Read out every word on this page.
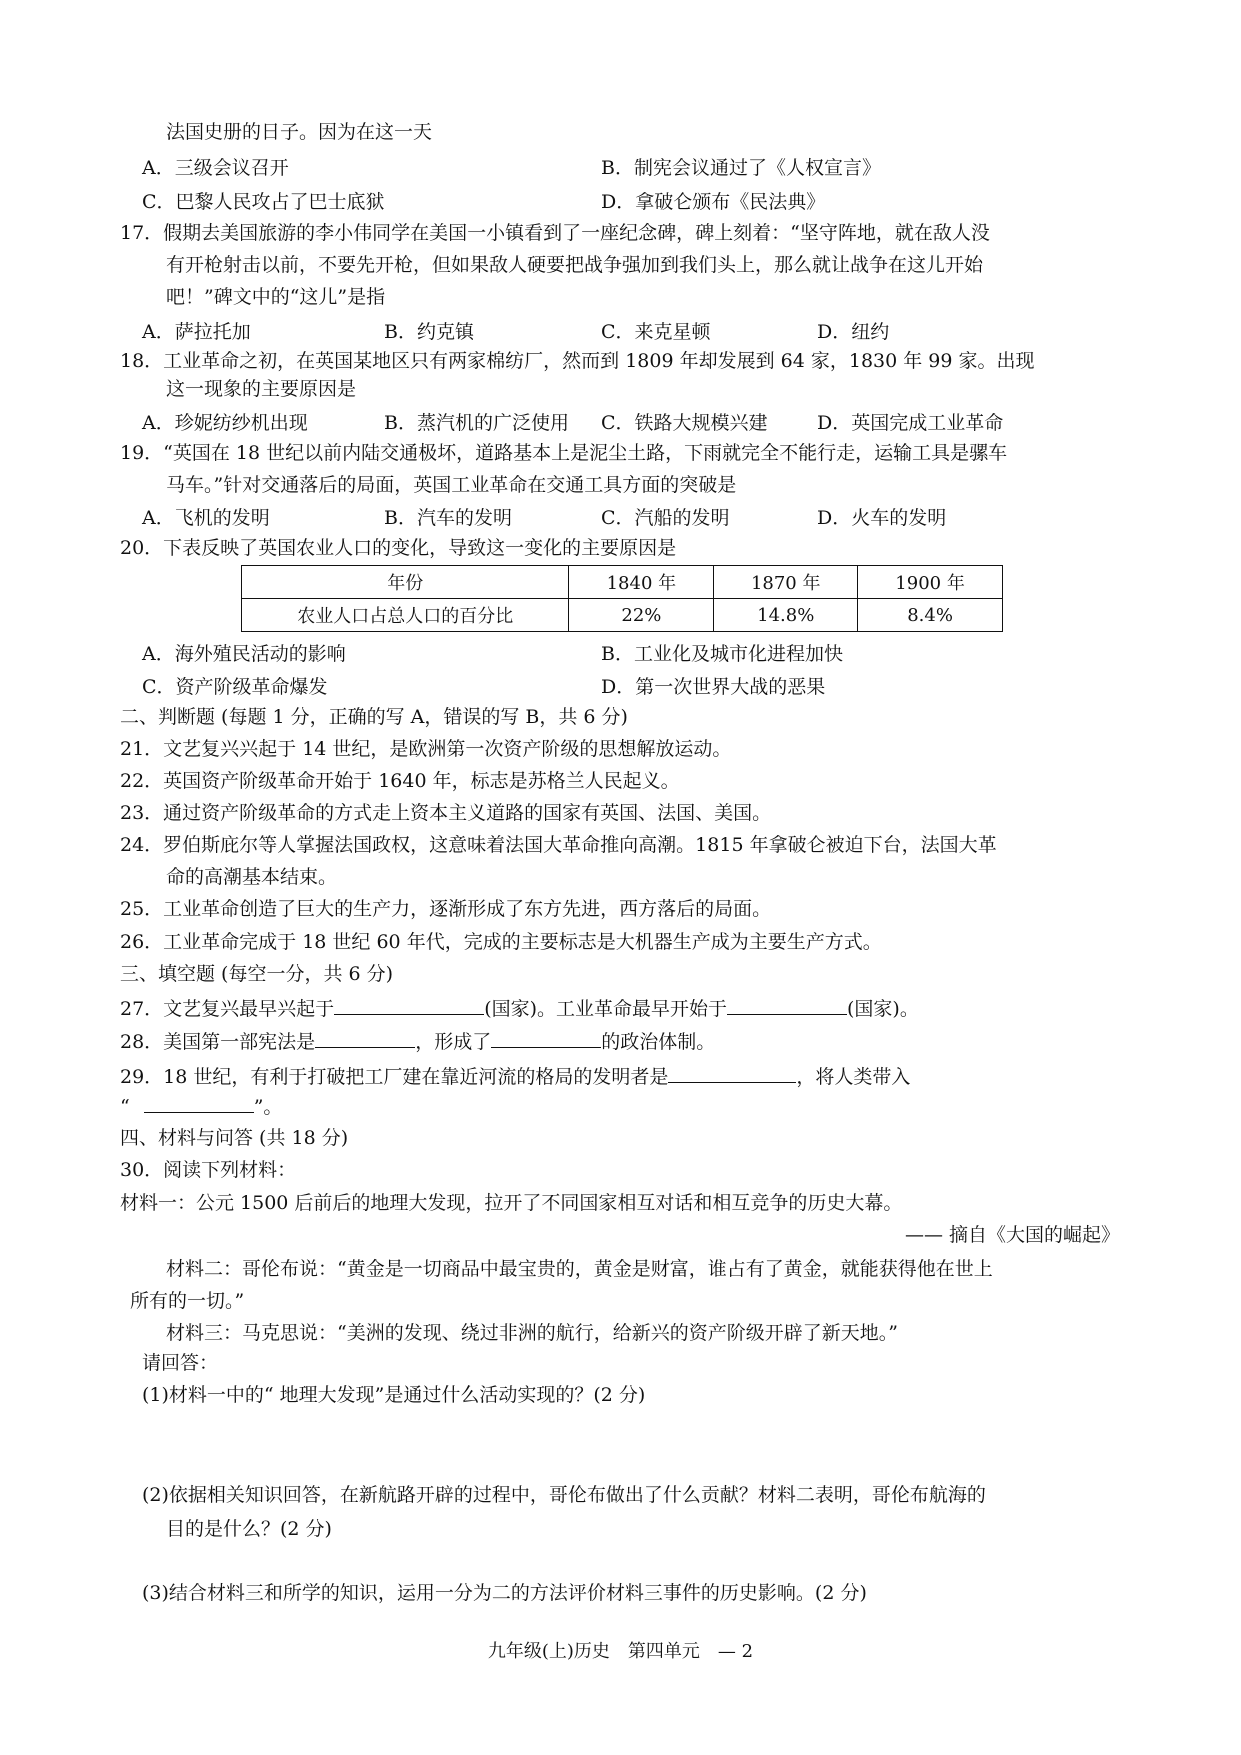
法国史册的日子。因为在这一天
A．三级会议召开	B．制宪会议通过了《人权宣言》
C．巴黎人民攻占了巴士底狱	D．拿破仑颁布《民法典》
17．假期去美国旅游的李小伟同学在美国一小镇看到了一座纪念碑，碑上刻着：“坚守阵地，就在敌人没
有开枪射击以前，不要先开枪，但如果敌人硬要把战争强加到我们头上，那么就让战争在这儿开始
吧！”碑文中的“这儿”是指
A．萨拉托加	B．约克镇	C．来克星顿	D．纽约
18．工业革命之初，在英国某地区只有两家棉纺厂，然而到 1809 年却发展到 64 家，1830 年 99 家。出现
这一现象的主要原因是
A．珍妮纺纱机出现	B．蒸汽机的广泛使用 C．铁路大规模兴建	D．英国完成工业革命
19．“英国在 18 世纪以前内陆交通极坏，道路基本上是泥尘土路，下雨就完全不能行走，运输工具是骡车
马车。”针对交通落后的局面，英国工业革命在交通工具方面的突破是
A．飞机的发明	B．汽车的发明	C．汽船的发明	D．火车的发明
20．下表反映了英国农业人口的变化，导致这一变化的主要原因是
年份	1840 年	1870 年	1900 年
农业人口占总人口的百分比	22%	14.8%	8.4%
A．海外殖民活动的影响	B．工业化及城市化进程加快
C．资产阶级革命爆发	D．第一次世界大战的恶果
二、判断题 (每题 1 分，正确的写 A，错误的写 B，共 6 分)
21．文艺复兴兴起于 14 世纪，是欧洲第一次资产阶级的思想解放运动。
22．英国资产阶级革命开始于 1640 年，标志是苏格兰人民起义。
23．通过资产阶级革命的方式走上资本主义道路的国家有英国、法国、美国。
24．罗伯斯庇尔等人掌握法国政权，这意味着法国大革命推向高潮。1815 年拿破仑被迫下台，法国大革
命的高潮基本结束。
25．工业革命创造了巨大的生产力，逐渐形成了东方先进，西方落后的局面。
26．工业革命完成于 18 世纪 60 年代，完成的主要标志是大机器生产成为主要生产方式。
三、填空题 (每空一分，共 6 分)
27．文艺复兴最早兴起于	(国家)。工业革命最早开始于	(国家)。
28．美国第一部宪法是	，形成了	的政治体制。
29．18 世纪，有利于打破把工厂建在靠近河流的格局的发明者是	，将人类带入
“	”。
四、材料与问答 (共 18 分)
30．阅读下列材料：
材料一：公元 1500 后前后的地理大发现，拉开了不同国家相互对话和相互竞争的历史大幕。
—— 摘自《大国的崛起》
材料二：哥伦布说：“黄金是一切商品中最宝贵的，黄金是财富，谁占有了黄金，就能获得他在世上
所有的一切。”
材料三：马克思说：“美洲的发现、绕过非洲的航行，给新兴的资产阶级开辟了新天地。”
请回答：
(1)材料一中的“ 地理大发现”是通过什么活动实现的？(2 分)
(2)依据相关知识回答，在新航路开辟的过程中，哥伦布做出了什么贡献？材料二表明，哥伦布航海的
目的是什么？(2 分)
(3)结合材料三和所学的知识，运用一分为二的方法评价材料三事件的历史影响。(2 分)
九年级(上)历史　第四单元　— 2
